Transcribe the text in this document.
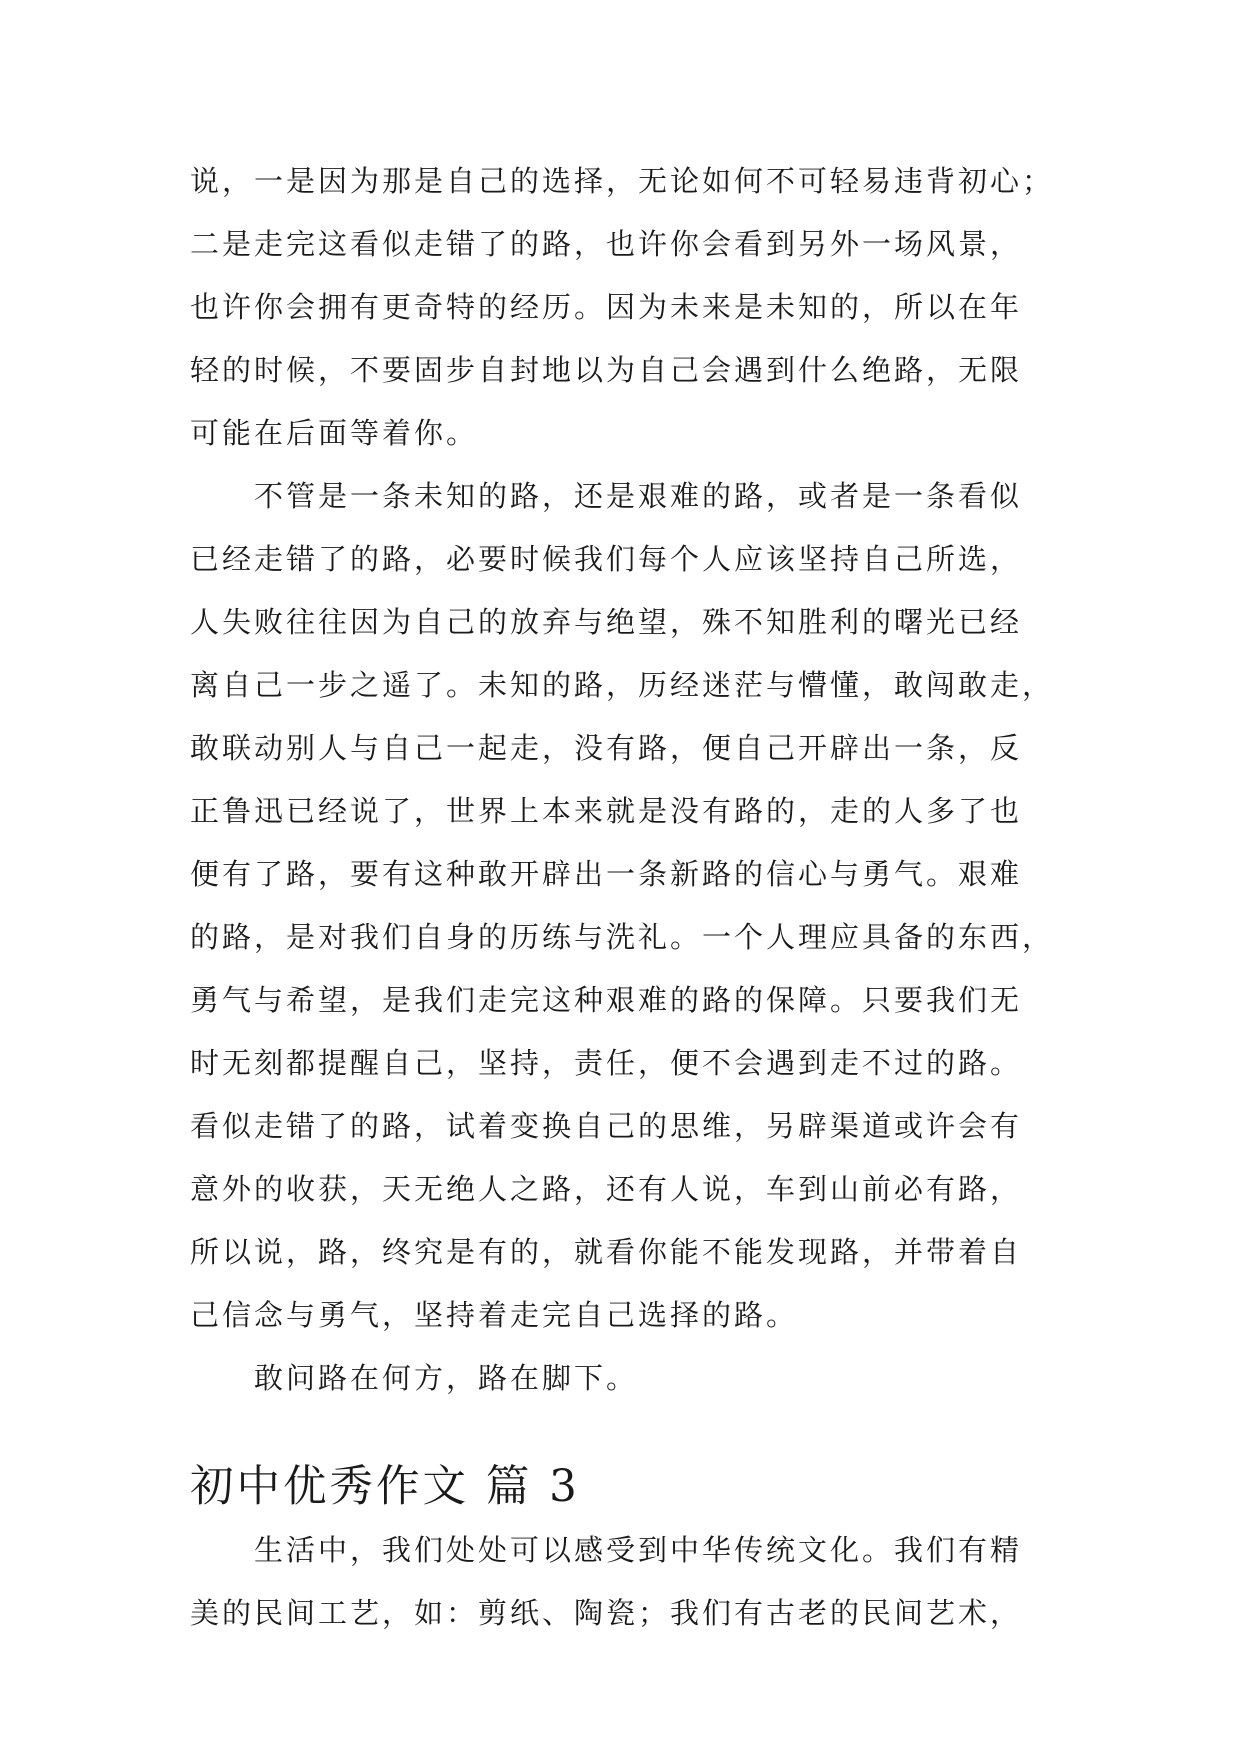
说，一是因为那是自己的选择，无论如何不可轻易违背初心；
二是走完这看似走错了的路，也许你会看到另外一场风景，
也许你会拥有更奇特的经历。因为未来是未知的，所以在年
轻的时候，不要固步自封地以为自己会遇到什么绝路，无限
可能在后面等着你。
不管是一条未知的路，还是艰难的路，或者是一条看似
已经走错了的路，必要时候我们每个人应该坚持自己所选，
人失败往往因为自己的放弃与绝望，殊不知胜利的曙光已经
离自己一步之遥了。未知的路，历经迷茫与懵懂，敢闯敢走，
敢联动别人与自己一起走，没有路，便自己开辟出一条，反
正鲁迅已经说了，世界上本来就是没有路的，走的人多了也
便有了路，要有这种敢开辟出一条新路的信心与勇气。艰难
的路，是对我们自身的历练与洗礼。一个人理应具备的东西，
勇气与希望，是我们走完这种艰难的路的保障。只要我们无
时无刻都提醒自己，坚持，责任，便不会遇到走不过的路。
看似走错了的路，试着变换自己的思维，另辟渠道或许会有
意外的收获，天无绝人之路，还有人说，车到山前必有路，
所以说，路，终究是有的，就看你能不能发现路，并带着自
己信念与勇气，坚持着走完自己选择的路。
敢问路在何方，路在脚下。
初中优秀作文 篇 3
生活中，我们处处可以感受到中华传统文化。我们有精
美的民间工艺，如：剪纸、陶瓷；我们有古老的民间艺术，
